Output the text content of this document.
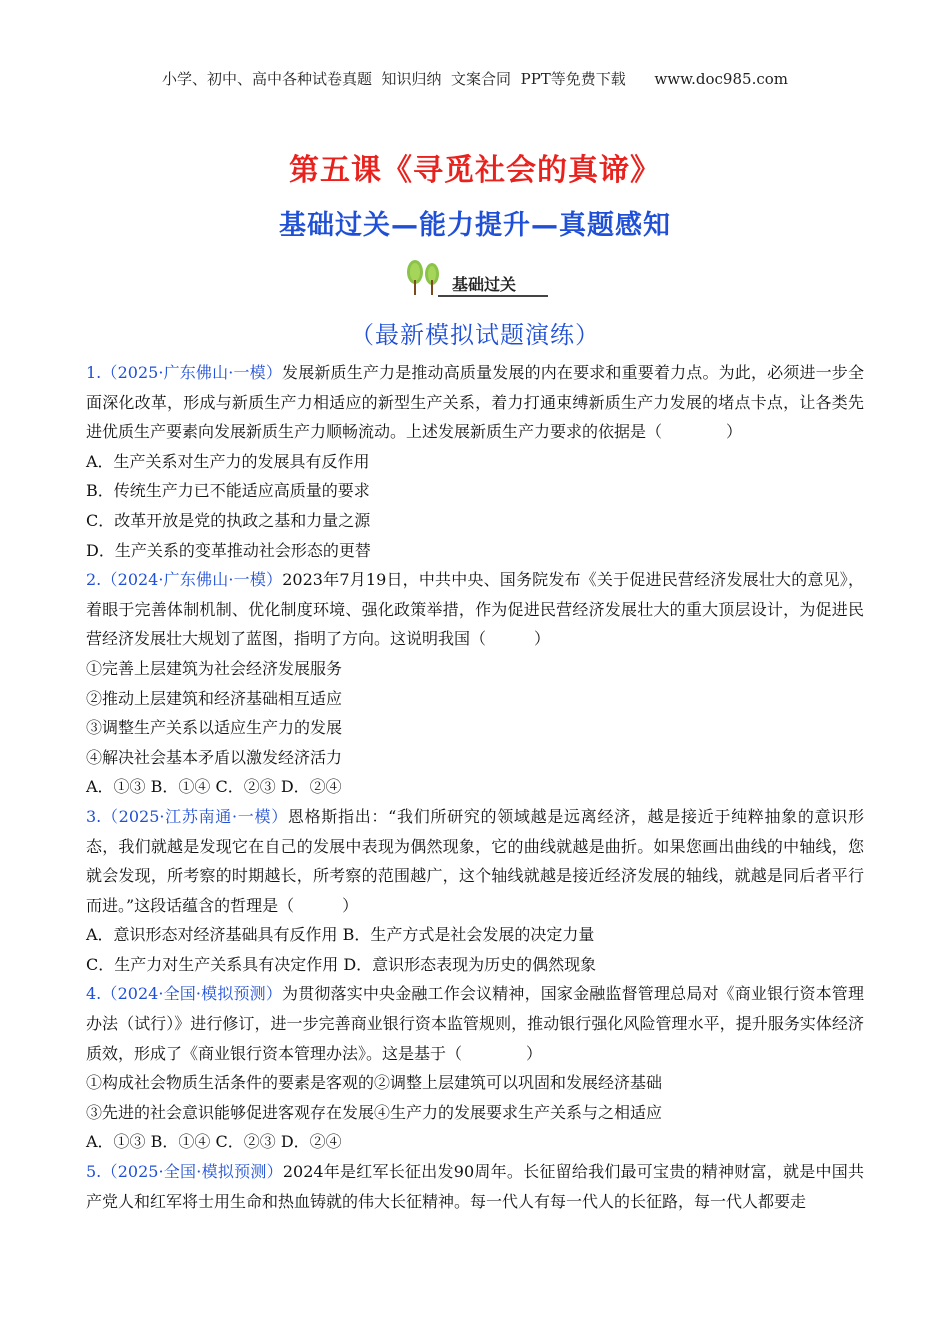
小学、初中、高中各种试卷真题  知识归纳  文案合同  PPT等免费下载      www.doc985.com
第五课《寻觅社会的真谛》
基础过关—能力提升—真题感知
基础过关
（最新模拟试题演练）

1.（2025·广东佛山·一模）发展新质生产力是推动高质量发展的内在要求和重要着力点。为此，必须进一步全面深化改革，形成与新质生产力相适应的新型生产关系，着力打通束缚新质生产力发展的堵点卡点，让各类先进优质生产要素向发展新质生产力顺畅流动。上述发展新质生产力要求的依据是（　　　　）

A．生产关系对生产力的发展具有反作用

B．传统生产力已不能适应高质量的要求

C．改革开放是党的执政之基和力量之源

D．生产关系的变革推动社会形态的更替

2.（2024·广东佛山·一模）2023年7月19日，中共中央、国务院发布《关于促进民营经济发展壮大的意见》，着眼于完善体制机制、优化制度环境、强化政策举措，作为促进民营经济发展壮大的重大顶层设计，为促进民营经济发展壮大规划了蓝图，指明了方向。这说明我国（　　　）

①完善上层建筑为社会经济发展服务

②推动上层建筑和经济基础相互适应

③调整生产关系以适应生产力的发展

④解决社会基本矛盾以激发经济活力

A．①③ B．①④ C．②③ D．②④

3.（2025·江苏南通·一模）恩格斯指出：“我们所研究的领域越是远离经济，越是接近于纯粹抽象的意识形态，我们就越是发现它在自己的发展中表现为偶然现象，它的曲线就越是曲折。如果您画出曲线的中轴线，您就会发现，所考察的时期越长，所考察的范围越广，这个轴线就越是接近经济发展的轴线，就越是同后者平行而进。”这段话蕴含的哲理是（　　　）

A．意识形态对经济基础具有反作用 B．生产方式是社会发展的决定力量

C．生产力对生产关系具有决定作用 D．意识形态表现为历史的偶然现象

4.（2024·全国·模拟预测）为贯彻落实中央金融工作会议精神，国家金融监督管理总局对《商业银行资本管理办法（试行）》进行修订，进一步完善商业银行资本监管规则，推动银行强化风险管理水平，提升服务实体经济质效，形成了《商业银行资本管理办法》。这是基于（　　　　）

①构成社会物质生活条件的要素是客观的②调整上层建筑可以巩固和发展经济基础

③先进的社会意识能够促进客观存在发展④生产力的发展要求生产关系与之相适应

A．①③ B．①④ C．②③ D．②④

5.（2025·全国·模拟预测）2024年是红军长征出发90周年。长征留给我们最可宝贵的精神财富，就是中国共产党人和红军将士用生命和热血铸就的伟大长征精神。每一代人有每一代人的长征路，每一代人都要走
